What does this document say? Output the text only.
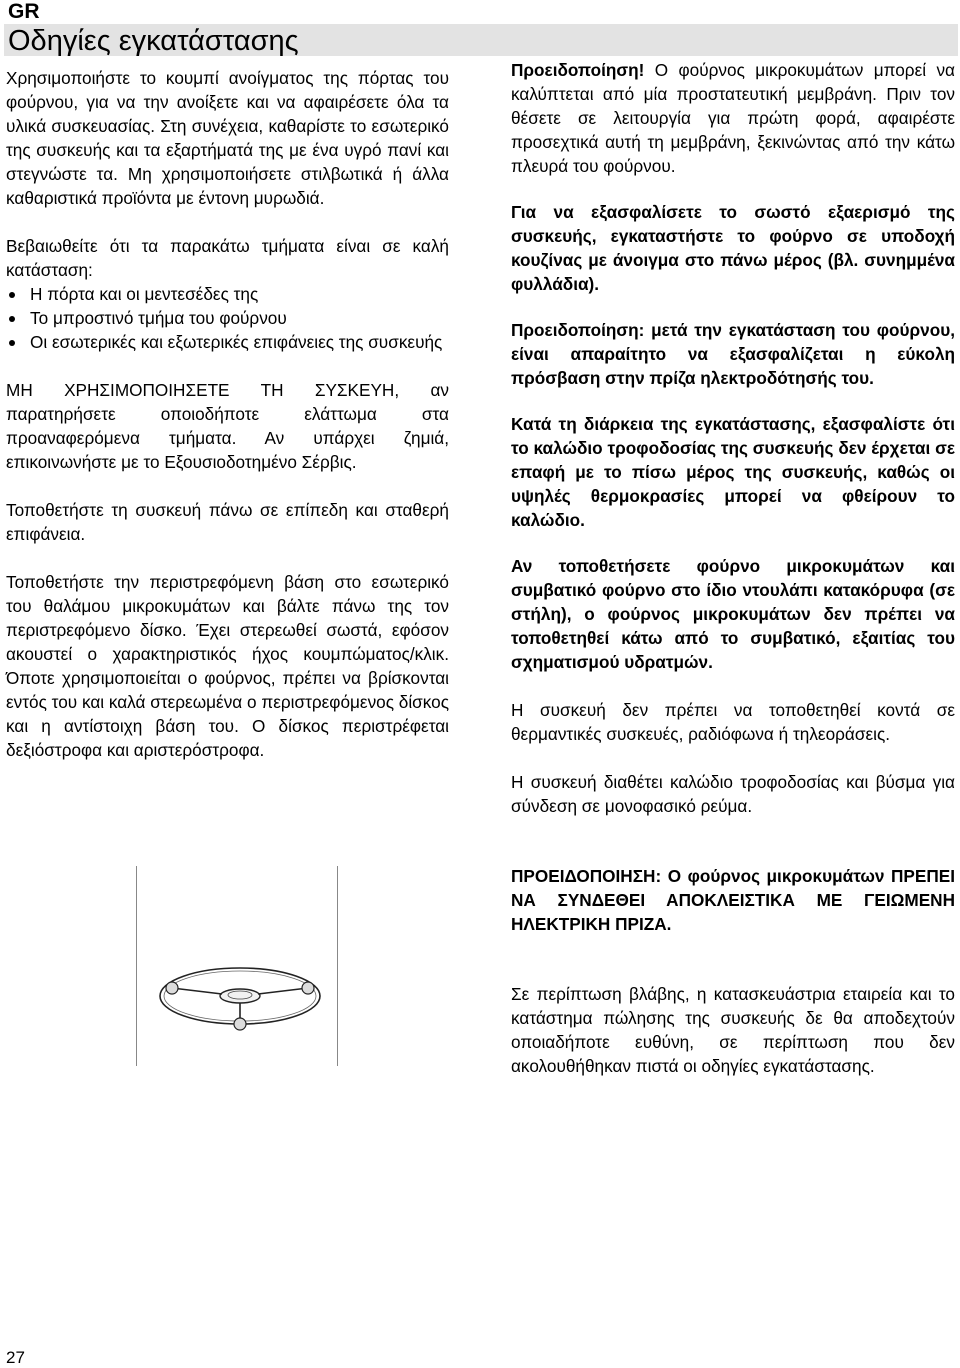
GR
Οδηγίες εγκατάστασης

Χρησιμοποιήστε το κουμπί ανοίγματος της πόρτας του φούρνου, για να την ανοίξετε και να αφαιρέσετε όλα τα υλικά συσκευασίας. Στη συνέχεια, καθαρίστε το εσωτερικό της συσκευής και τα εξαρτήματά της με ένα υγρό πανί και στεγνώστε τα. Μη χρησιμοποιήσετε στιλβωτικά ή άλλα καθαριστικά προϊόντα με έντονη μυρωδιά.

Βεβαιωθείτε ότι τα παρακάτω τμήματα είναι σε καλή κατάσταση:

Η πόρτα και οι μεντεσέδες της
Το μπροστινό τμήμα του φούρνου
Οι εσωτερικές και εξωτερικές επιφάνειες της συσκευής

ΜΗ ΧΡΗΣΙΜΟΠΟΙΗΣΕΤΕ ΤΗ ΣΥΣΚΕΥΗ, αν παρατηρήσετε οποιοδήποτε ελάττωμα στα προαναφερόμενα τμήματα. Αν υπάρχει ζημιά, επικοινωνήστε με το Εξουσιοδοτημένο Σέρβις.

Τοποθετήστε τη συσκευή πάνω σε επίπεδη και σταθερή επιφάνεια.

Τοποθετήστε την περιστρεφόμενη βάση στο εσωτερικό του θαλάμου μικροκυμάτων και βάλτε πάνω της τον περιστρεφόμενο δίσκο. Έχει στερεωθεί σωστά, εφόσον ακουστεί ο χαρακτηριστικός ήχος κουμπώματος/κλικ. Όποτε χρησιμοποιείται ο φούρνος, πρέπει να βρίσκονται εντός του και καλά στερεωμένα ο περιστρεφόμενος δίσκος και η αντίστοιχη βάση του. Ο δίσκος περιστρέφεται δεξιόστροφα και αριστερόστροφα.

Προειδοποίηση! Ο φούρνος μικροκυμάτων μπορεί να καλύπτεται από μία προστατευτική μεμβράνη. Πριν τον θέσετε σε λειτουργία για πρώτη φορά, αφαιρέστε προσεχτικά αυτή τη μεμβράνη, ξεκινώντας από την κάτω πλευρά του φούρνου.

Για να εξασφαλίσετε το σωστό εξαερισμό της συσκευής, εγκαταστήστε το φούρνο σε υποδοχή κουζίνας με άνοιγμα στο πάνω μέρος (βλ. συνημμένα φυλλάδια).

Προειδοποίηση: μετά την εγκατάσταση του φούρνου, είναι απαραίτητο να εξασφαλίζεται η εύκολη πρόσβαση στην πρίζα ηλεκτροδότησής του.

Κατά τη διάρκεια της εγκατάστασης, εξασφαλίστε ότι το καλώδιο τροφοδοσίας της συσκευής δεν έρχεται σε επαφή με το πίσω μέρος της συσκευής, καθώς οι υψηλές θερμοκρασίες μπορεί να φθείρουν το καλώδιο.

Αν τοποθετήσετε φούρνο μικροκυμάτων και συμβατικό φούρνο στο ίδιο ντουλάπι κατακόρυφα (σε στήλη), ο φούρνος μικροκυμάτων δεν πρέπει να τοποθετηθεί κάτω από το συμβατικό, εξαιτίας του σχηματισμού υδρατμών.

Η συσκευή δεν πρέπει να τοποθετηθεί κοντά σε θερμαντικές συσκευές, ραδιόφωνα ή τηλεοράσεις.

Η συσκευή διαθέτει καλώδιο τροφοδοσίας και βύσμα για σύνδεση σε μονοφασικό ρεύμα.

ΠΡΟΕΙΔΟΠΟΙΗΣΗ: Ο φούρνος μικροκυμάτων ΠΡΕΠΕΙ ΝΑ ΣΥΝΔΕΘΕΙ ΑΠΟΚΛΕΙΣΤΙΚΑ ΜΕ ΓΕΙΩΜΕΝΗ ΗΛΕΚΤΡΙΚΗ ΠΡΙΖΑ.

Σε περίπτωση βλάβης, η κατασκευάστρια εταιρεία και το κατάστημα πώλησης της συσκευής δε θα αποδεχτούν οποιαδήποτε ευθύνη, σε περίπτωση που δεν ακολουθήθηκαν πιστά οι οδηγίες εγκατάστασης.

27
